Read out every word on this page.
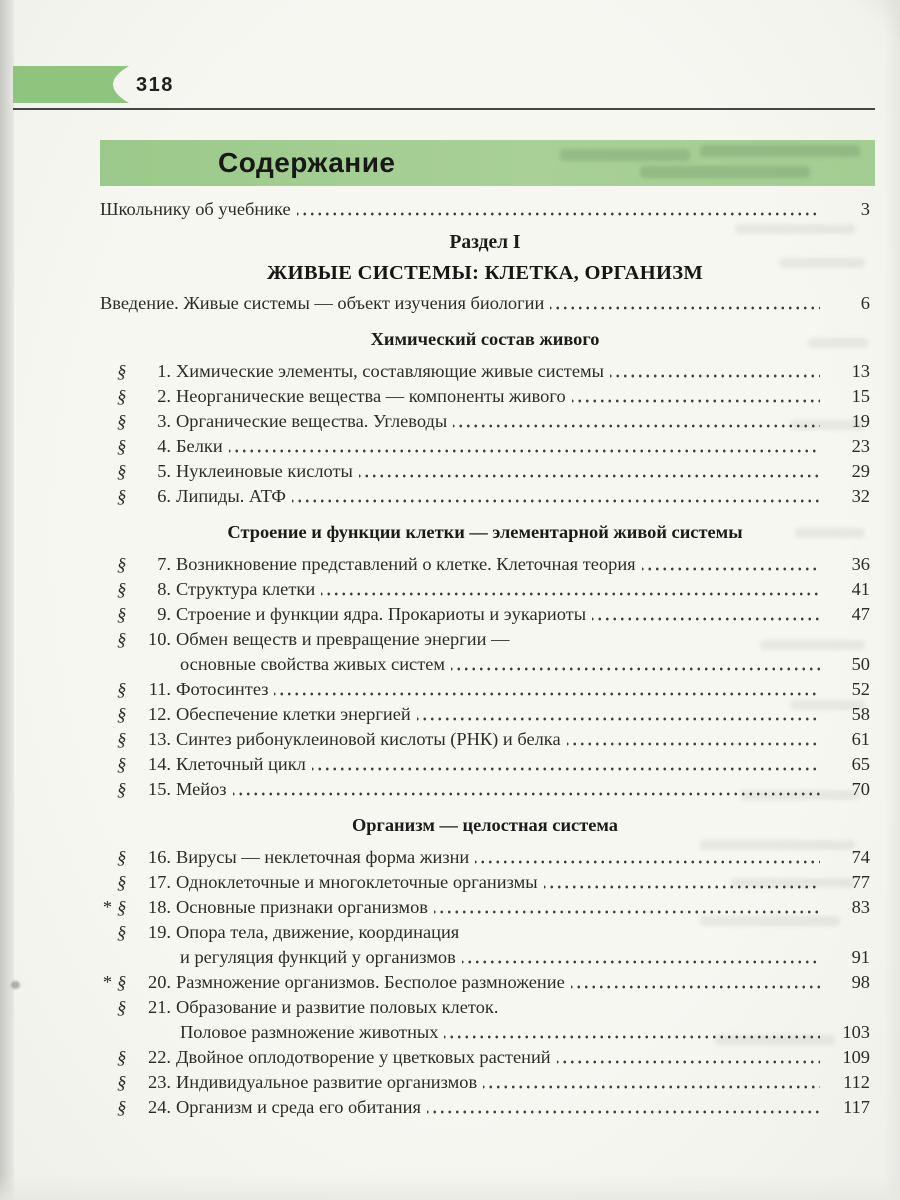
318
Содержание
Школьнику об учебнике	3
Раздел I
ЖИВЫЕ СИСТЕМЫ: КЛЕТКА, ОРГАНИЗМ
Введение. Живые системы — объект изучения биологии	6
Химический состав живого
§	1. Химические элементы, составляющие живые системы	13
§	2. Неорганические вещества — компоненты живого	15
§	3. Органические вещества. Углеводы	19
§	4. Белки	23
§	5. Нуклеиновые кислоты	29
§	6. Липиды. АТФ	32
Строение и функции клетки — элементарной живой системы
§	7. Возникновение представлений о клетке. Клеточная теория	36
§	8. Структура клетки	41
§	9. Строение и функции ядра. Прокариоты и эукариоты	47
§	10. Обмен веществ и превращение энергии —
основные свойства живых систем	50
§	11. Фотосинтез	52
§	12. Обеспечение клетки энергией	58
§	13. Синтез рибонуклеиновой кислоты (РНК) и белка	61
§	14. Клеточный цикл	65
§	15. Мейоз	70
Организм — целостная система
§	16. Вирусы — неклеточная форма жизни	74
§	17. Одноклеточные и многоклеточные организмы	77
* §	18. Основные признаки организмов	83
§	19. Опора тела, движение, координация
и регуляция функций у организмов	91
* §	20. Размножение организмов. Бесполое размножение	98
§	21. Образование и развитие половых клеток.
Половое размножение животных	103
§	22. Двойное оплодотворение у цветковых растений	109
§	23. Индивидуальное развитие организмов	112
§	24. Организм и среда его обитания	117
